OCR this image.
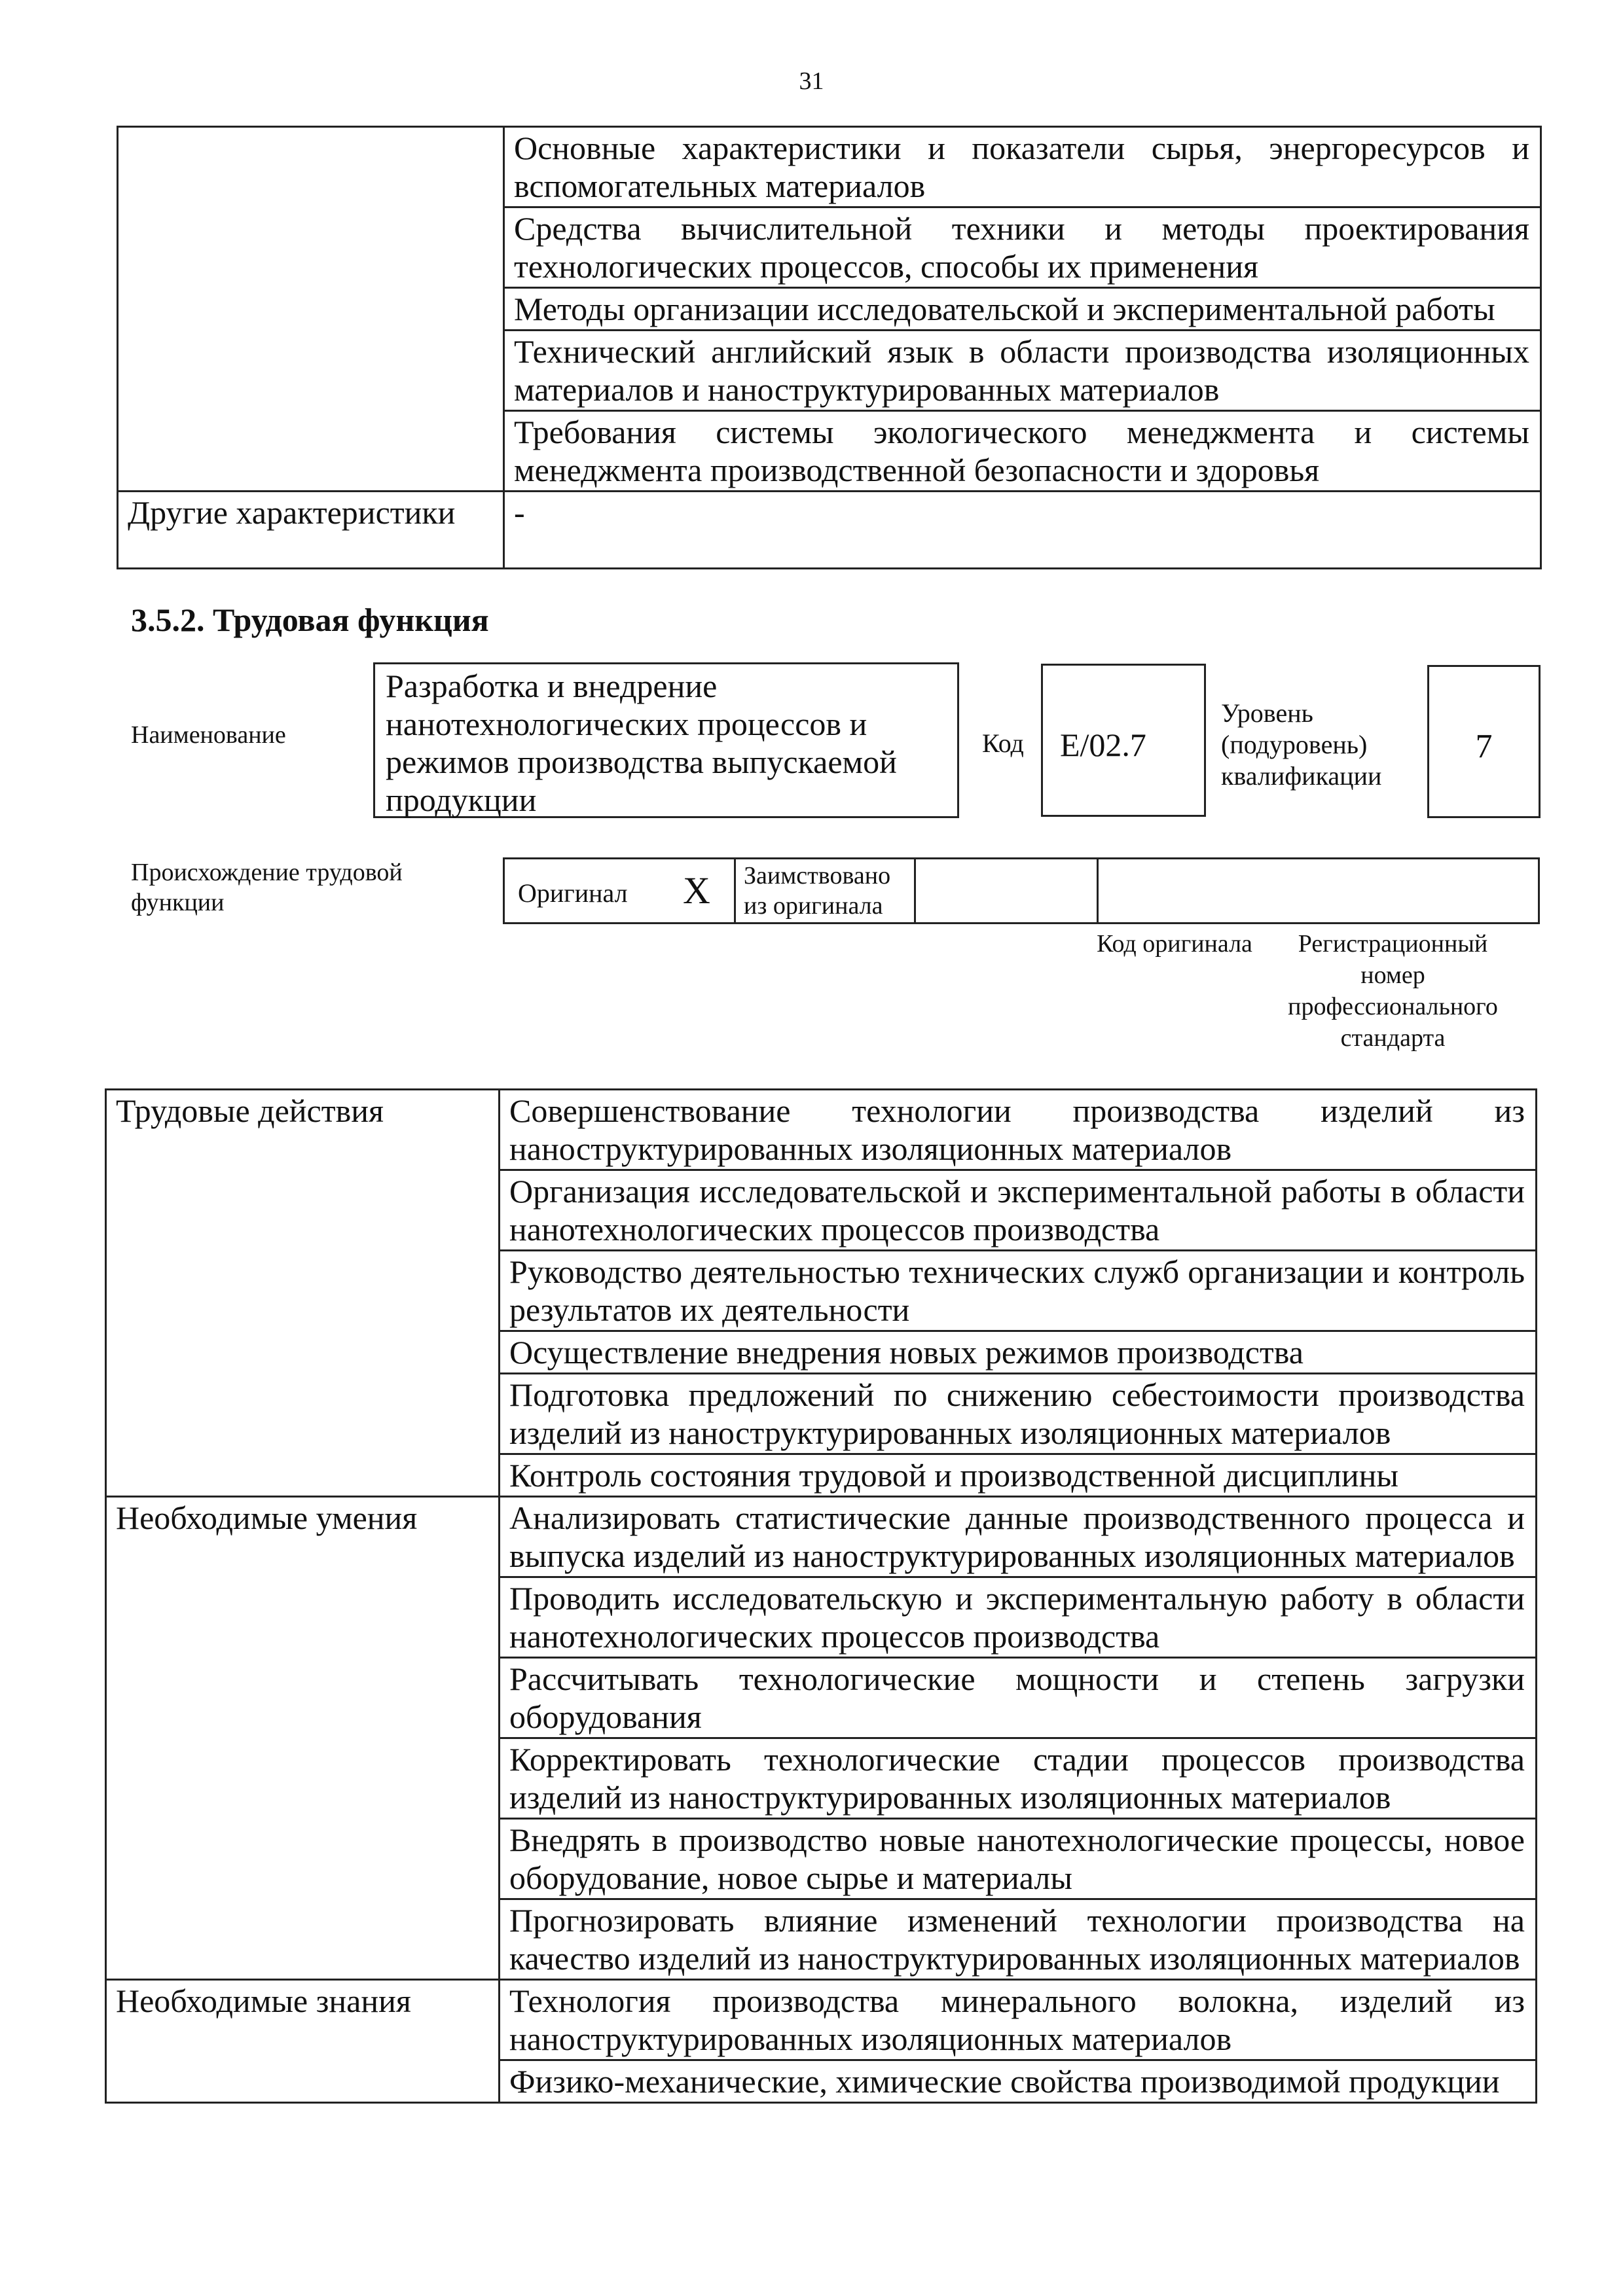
31
	Основные характеристики и показатели сырья, энергоресурсов и вспомогательных материалов
	Средства вычислительной техники и методы проектирования технологических процессов, способы их применения
	Методы организации исследовательской и экспериментальной работы
	Технический английский язык в области производства изоляционных материалов и наноструктурированных материалов
	Требования системы экологического менеджмента и системы менеджмента производственной безопасности и здоровья
Другие характеристики	-
3.5.2. Трудовая функция
Наименование
Разработка и внедрение нанотехнологических процессов и режимов производства выпускаемой продукции
Код	E/02.7
Уровень
(подуровень)
квалификации
7
Происхождение трудовой функции	Оригинал X	Заимствовано из оригинала
Код оригинала	Регистрационный номер профессионального стандарта
Трудовые действия	Совершенствование технологии производства изделий из наноструктурированных изоляционных материалов
	Организация исследовательской и экспериментальной работы в области нанотехнологических процессов производства
	Руководство деятельностью технических служб организации и контроль результатов их деятельности
	Осуществление внедрения новых режимов производства
	Подготовка предложений по снижению себестоимости производства изделий из наноструктурированных изоляционных материалов
	Контроль состояния трудовой и производственной дисциплины
Необходимые умения	Анализировать статистические данные производственного процесса и выпуска изделий из наноструктурированных изоляционных материалов
	Проводить исследовательскую и экспериментальную работу в области нанотехнологических процессов производства
	Рассчитывать технологические мощности и степень загрузки оборудования
	Корректировать технологические стадии процессов производства изделий из наноструктурированных изоляционных материалов
	Внедрять в производство новые нанотехнологические процессы, новое оборудование, новое сырье и материалы
	Прогнозировать влияние изменений технологии производства на качество изделий из наноструктурированных изоляционных материалов
Необходимые знания	Технология производства минерального волокна, изделий из наноструктурированных изоляционных материалов
	Физико-механические, химические свойства производимой продукции
